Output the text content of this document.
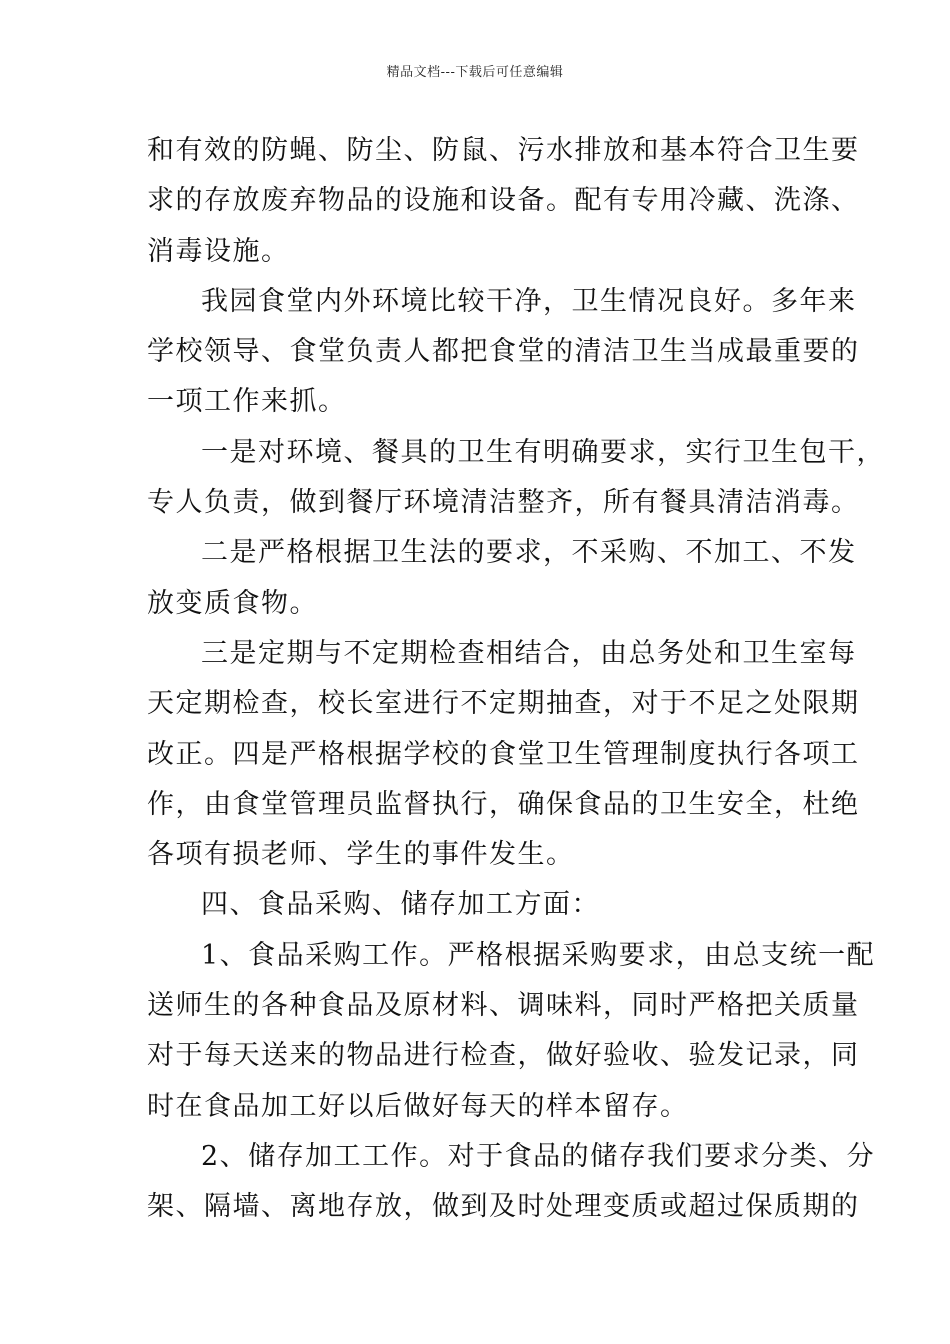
精品文档---下载后可任意编辑
和有效的防蝇、防尘、防鼠、污水排放和基本符合卫生要
求的存放废弃物品的设施和设备。配有专用冷藏、洗涤、
消毒设施。
我园食堂内外环境比较干净，卫生情况良好。多年来
学校领导、食堂负责人都把食堂的清洁卫生当成最重要的
一项工作来抓。
一是对环境、餐具的卫生有明确要求，实行卫生包干，
专人负责，做到餐厅环境清洁整齐，所有餐具清洁消毒。
二是严格根据卫生法的要求，不采购、不加工、不发
放变质食物。
三是定期与不定期检查相结合，由总务处和卫生室每
天定期检查，校长室进行不定期抽查，对于不足之处限期
改正。四是严格根据学校的食堂卫生管理制度执行各项工
作，由食堂管理员监督执行，确保食品的卫生安全，杜绝
各项有损老师、学生的事件发生。
四、食品采购、储存加工方面：
1、食品采购工作。严格根据采购要求，由总支统一配
送师生的各种食品及原材料、调味料，同时严格把关质量
对于每天送来的物品进行检查，做好验收、验发记录，同
时在食品加工好以后做好每天的样本留存。
2、储存加工工作。对于食品的储存我们要求分类、分
架、隔墙、离地存放，做到及时处理变质或超过保质期的
